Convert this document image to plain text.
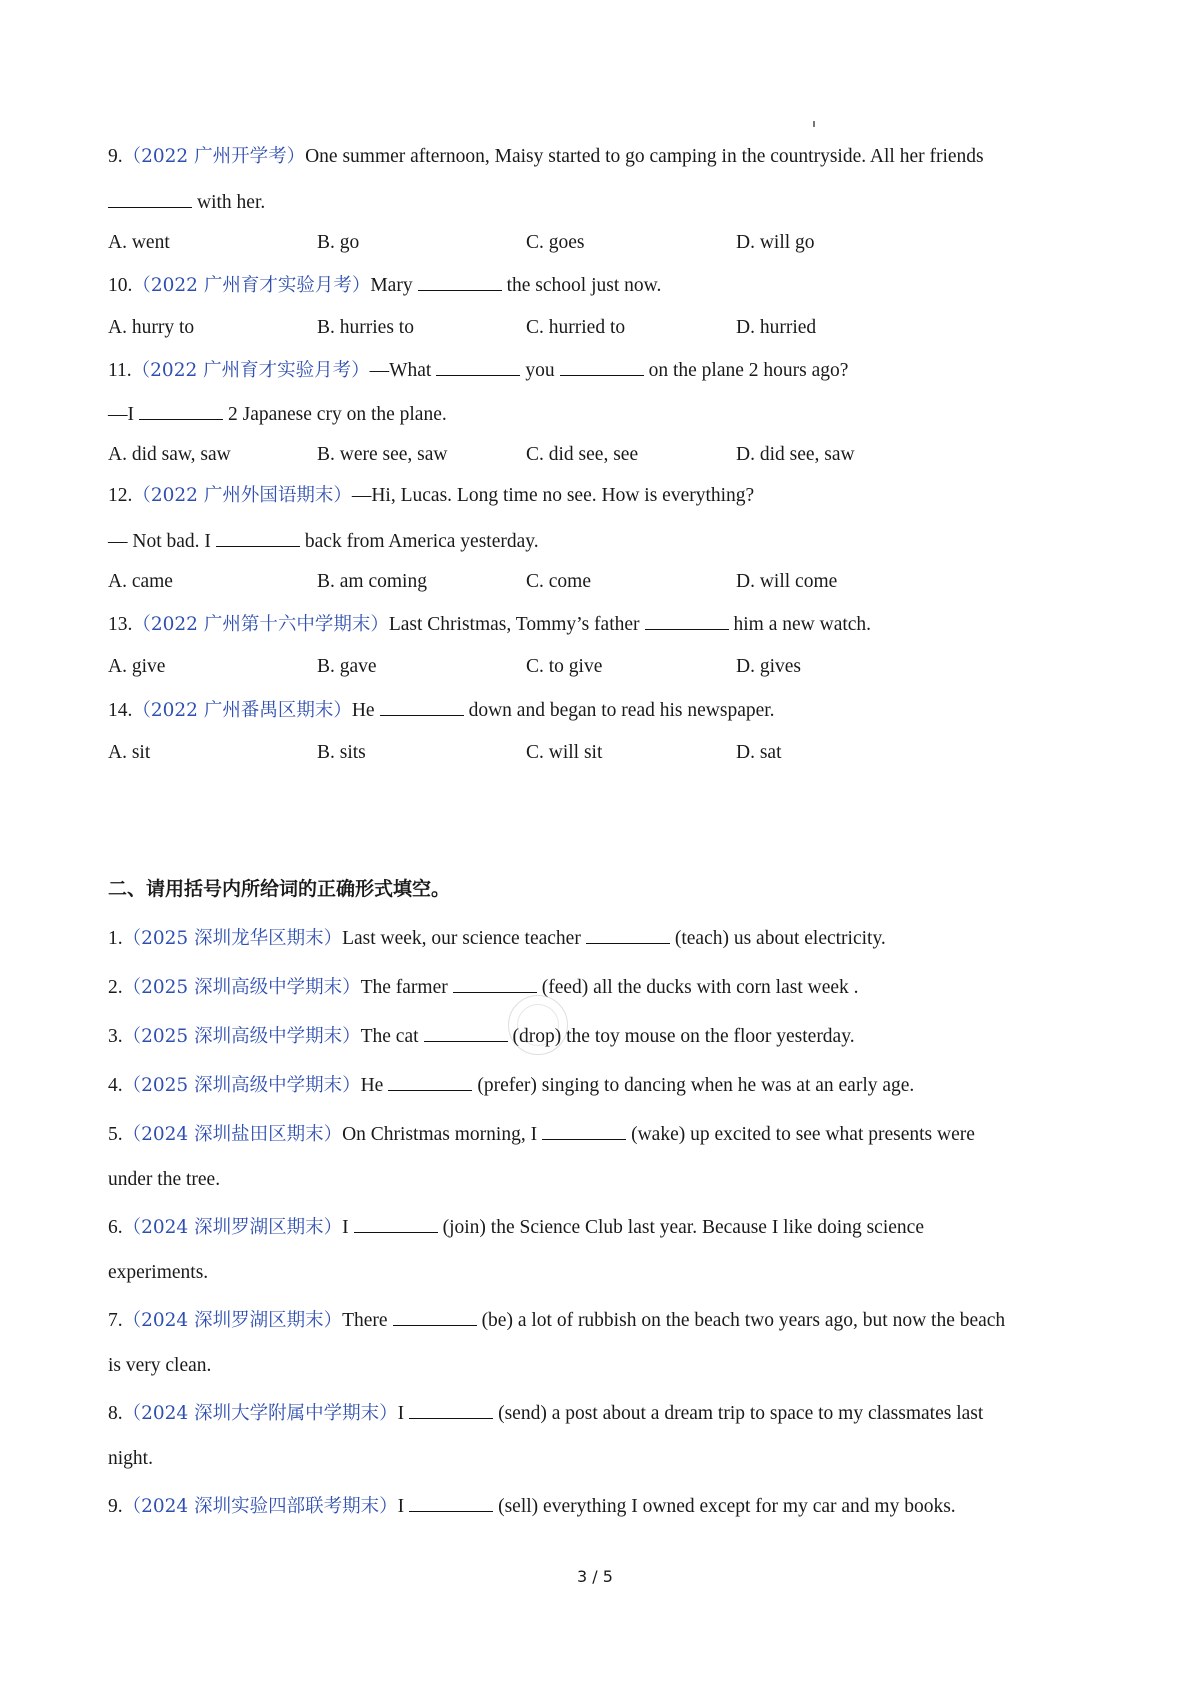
9.（2022 广州开学考）One summer afternoon, Maisy started to go camping in the countryside. All her friends
with her.
A. went	B. go	C. goes	D. will go
10.（2022 广州育才实验月考）Mary	the school just now.
A. hurry to	B. hurries to	C. hurried to	D. hurried
11.（2022 广州育才实验月考）—What	you	on the plane 2 hours ago?
—I	2 Japanese cry on the plane.
A. did saw, saw	B. were see, saw	C. did see, see	D. did see, saw
12.（2022 广州外国语期末）—Hi, Lucas. Long time no see. How is everything?
— Not bad. I	back from America yesterday.
A. came	B. am coming	C. come	D. will come
13.（2022 广州第十六中学期末）Last Christmas, Tommy’s father	him a new watch.
A. give	B. gave	C. to give	D. gives
14.（2022 广州番禺区期末）He	down and began to read his newspaper.
A. sit	B. sits	C. will sit	D. sat
二、请用括号内所给词的正确形式填空。
1.（2025 深圳龙华区期末）Last week, our science teacher	(teach) us about electricity.
2.（2025 深圳高级中学期末）The farmer	(feed) all the ducks with corn last week .
3.（2025 深圳高级中学期末）The cat	(drop) the toy mouse on the floor yesterday.
4.（2025 深圳高级中学期末）He	(prefer) singing to dancing when he was at an early age.
5.（2024 深圳盐田区期末）On Christmas morning, I	(wake) up excited to see what presents were
under the tree.
6.（2024 深圳罗湖区期末）I	(join) the Science Club last year. Because I like doing science
experiments.
7.（2024 深圳罗湖区期末）There	(be) a lot of rubbish on the beach two years ago, but now the beach
is very clean.
8.（2024 深圳大学附属中学期末）I	(send) a post about a dream trip to space to my classmates last
night.
9.（2024 深圳实验四部联考期末）I	(sell) everything I owned except for my car and my books.
3 / 5
